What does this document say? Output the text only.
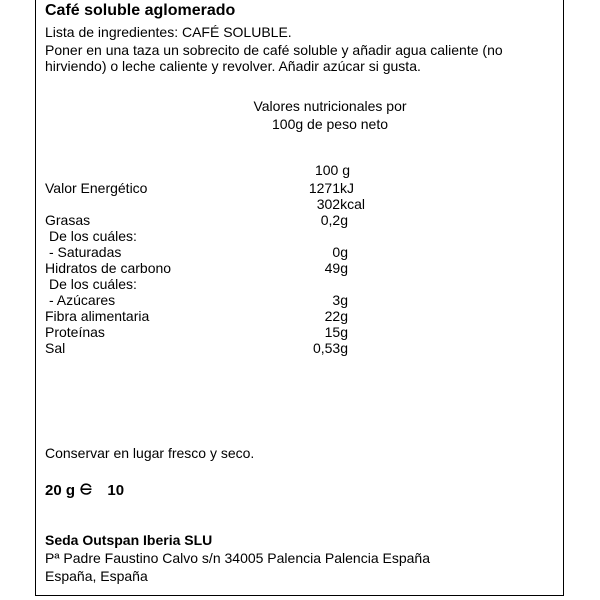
Café soluble aglomerado
Lista de ingredientes: CAFÉ SOLUBLE.
Poner en una taza un sobrecito de café soluble y añadir agua caliente (no hirviendo) o leche caliente y revolver. Añadir azúcar si gusta.
Valores nutricionales por
100g de peso neto
100 g
Valor Energético	1271kJ
302kcal
Grasas	0,2g
De los cuáles:
- Saturadas	0g
Hidratos de carbono	49g
De los cuáles:
- Azúcares	3g
Fibra alimentaria	22g
Proteínas	15g
Sal	0,53g
Conservar en lugar fresco y seco.
20 g 10
Seda Outspan Iberia SLU
Pª Padre Faustino Calvo s/n 34005 Palencia Palencia España
España, España
